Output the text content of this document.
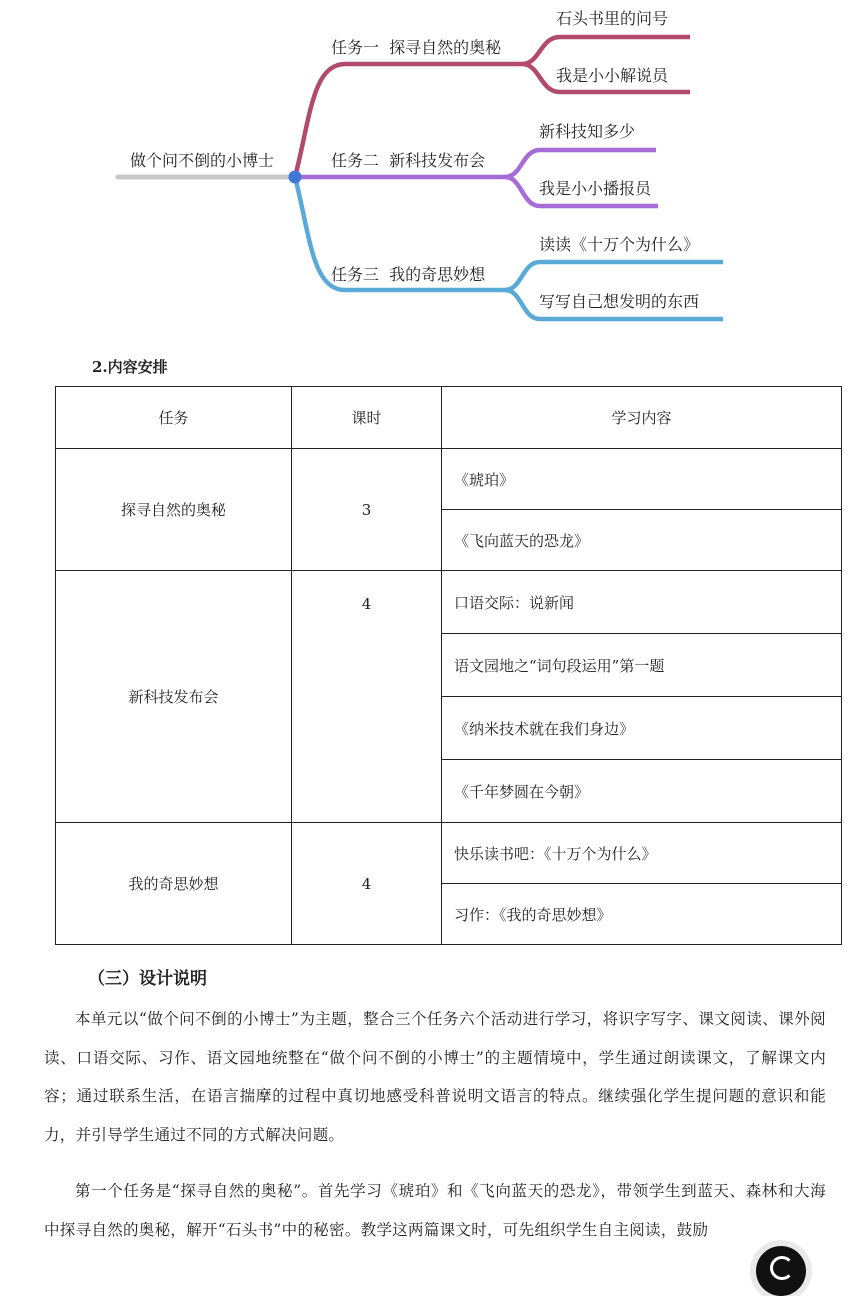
做个问不倒的小博士
任务一  探寻自然的奥秘
石头书里的问号
我是小小解说员
任务二  新科技发布会
新科技知多少
我是小小播报员
任务三  我的奇思妙想
读读《十万个为什么》
写写自己想发明的东西
2.内容安排
任务	课时	学习内容
探寻自然的奥秘	3	《琥珀》
		《飞向蓝天的恐龙》
新科技发布会	4	口语交际：说新闻
		语文园地之“词句段运用”第一题
		《纳米技术就在我们身边》
		《千年梦圆在今朝》
我的奇思妙想	4	快乐读书吧：《十万个为什么》
		习作：《我的奇思妙想》
（三）设计说明
本单元以“做个问不倒的小博士”为主题，整合三个任务六个活动进行学习，将识字写字、课文阅读、课外阅读、口语交际、习作、语文园地统整在“做个问不倒的小博士”的主题情境中，学生通过朗读课文，了解课文内容；通过联系生活，在语言揣摩的过程中真切地感受科普说明文语言的特点。继续强化学生提问题的意识和能力，并引导学生通过不同的方式解决问题。
第一个任务是“探寻自然的奥秘”。首先学习《琥珀》和《飞向蓝天的恐龙》，带领学生到蓝天、森林和大海中探寻自然的奥秘，解开“石头书”中的秘密。教学这两篇课文时，可先组织学生自主阅读，鼓励
